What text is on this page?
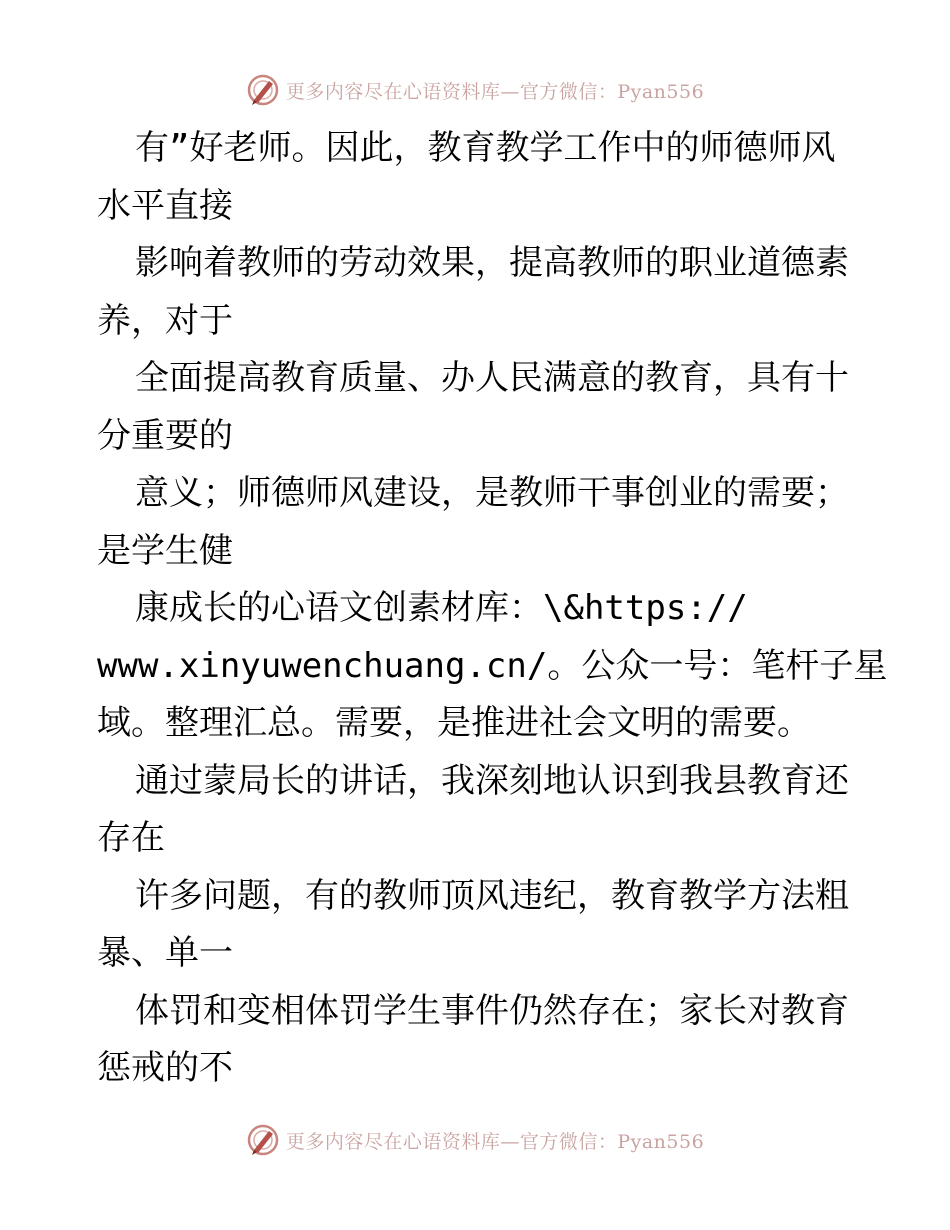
更多内容尽在心语资料库—官方微信：Pyan556
有”好老师。因此，教育教学工作中的师德师风
水平直接
影响着教师的劳动效果，提高教师的职业道德素
养，对于
全面提高教育质量、办人民满意的教育，具有十
分重要的
意义；师德师风建设，是教师干事创业的需要；
是学生健
康成长的心语文创素材库：\&https://
www.xinyuwenchuang.cn/。公众一号：笔杆子星
域。整理汇总。需要，是推进社会文明的需要。
通过蒙局长的讲话，我深刻地认识到我县教育还
存在
许多问题，有的教师顶风违纪，教育教学方法粗
暴、单一
体罚和变相体罚学生事件仍然存在；家长对教育
惩戒的不
更多内容尽在心语资料库—官方微信：Pyan556
